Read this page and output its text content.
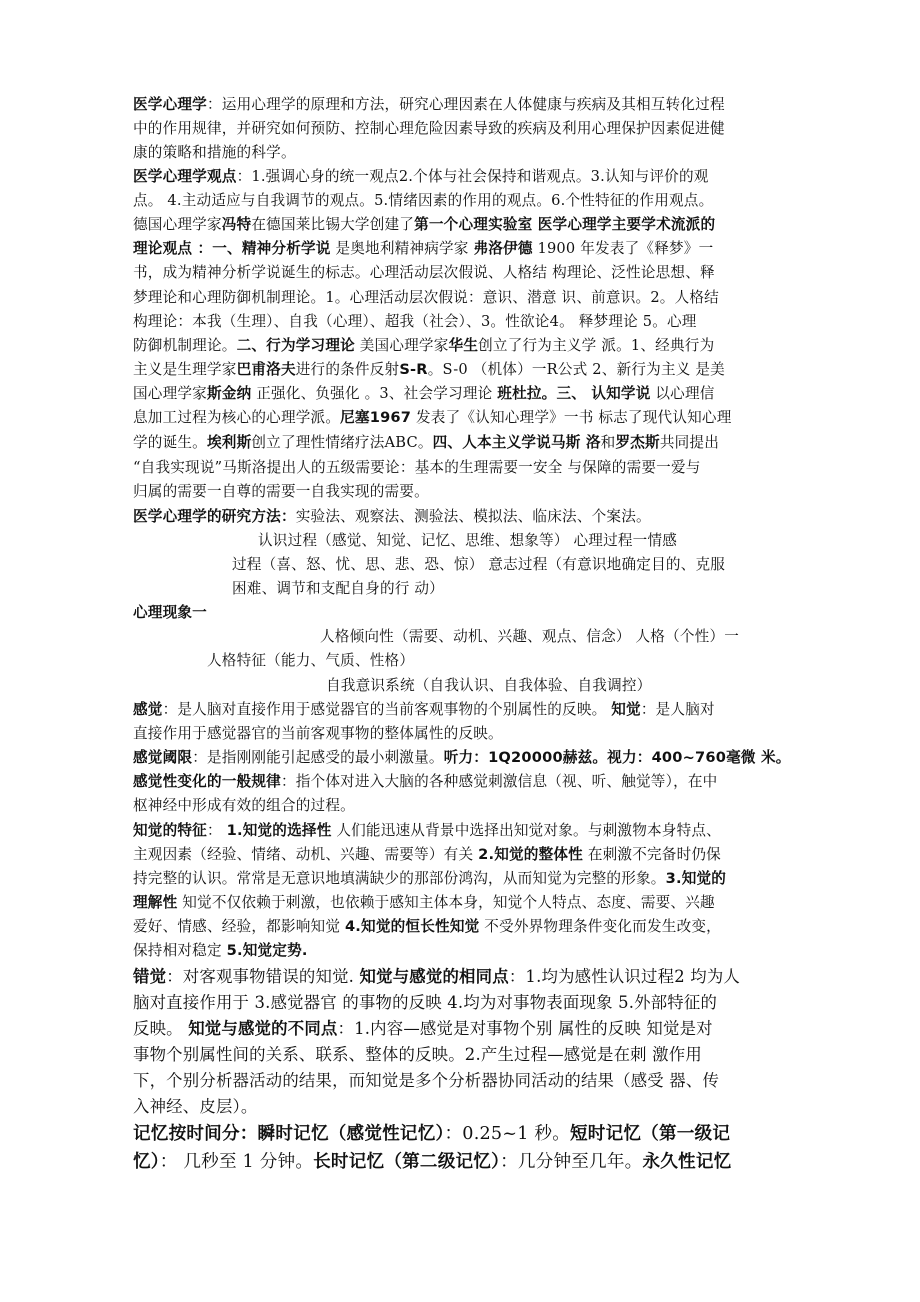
医学心理学：运用心理学的原理和方法，研究心理因素在人体健康与疾病及其相互转化过程
中的作用规律，并研究如何预防、控制心理危险因素导致的疾病及利用心理保护因素促进健
康的策略和措施的科学。
医学心理学观点：1.强调心身的统一观点2.个体与社会保持和谐观点。3.认知与评价的观
点。 4.主动适应与自我调节的观点。5.情绪因素的作用的观点。6.个性特征的作用观点。
德国心理学家冯特在德国莱比锡大学创建了第一个心理实验室 医学心理学主要学术流派的
理论观点 ：一、精神分析学说 是奥地利精神病学家 弗洛伊德 1900 年发表了《释梦》一
书，成为精神分析学说诞生的标志。心理活动层次假说、人格结 构理论、泛性论思想、释
梦理论和心理防御机制理论。1。心理活动层次假说：意识、潜意 识、前意识。2。人格结
构理论：本我（生理）、自我（心理）、超我（社会）、3。性欲论4。 释梦理论 5。心理
防御机制理论。二、行为学习理论 美国心理学家华生创立了行为主义学 派。1、经典行为
主义是生理学家巴甫洛夫进行的条件反射S-R。S-0 （机体）一R公式 2、新行为主义 是美
国心理学家斯金纳 正强化、负强化 。3、社会学习理论 班杜拉。三、 认知学说 以心理信
息加工过程为核心的心理学派。尼塞1967 发表了《认知心理学》一书 标志了现代认知心理
学的诞生。埃利斯创立了理性情绪疗法ABC。四、人本主义学说马斯 洛和罗杰斯共同提出
“自我实现说”马斯洛提出人的五级需要论：基本的生理需要一安全 与保障的需要一爱与
归属的需要一自尊的需要一自我实现的需要。
医学心理学的研究方法：实验法、观察法、测验法、模拟法、临床法、个案法。
认识过程（感觉、知觉、记忆、思维、想象等） 心理过程一情感
过程（喜、怒、忧、思、悲、恐、惊） 意志过程（有意识地确定目的、克服
困难、调节和支配自身的行 动）
心理现象一
人格倾向性（需要、动机、兴趣、观点、信念） 人格（个性）一
人格特征（能力、气质、性格）
自我意识系统（自我认识、自我体验、自我调控）
感觉：是人脑对直接作用于感觉器官的当前客观事物的个别属性的反映。 知觉：是人脑对
直接作用于感觉器官的当前客观事物的整体属性的反映。
感觉阈限：是指刚刚能引起感受的最小刺激量。听力：1Q20000赫兹。视力：400~760毫微 米。
感觉性变化的一般规律：指个体对进入大脑的各种感觉刺激信息（视、听、触觉等），在中
枢神经中形成有效的组合的过程。
知觉的特征： 1.知觉的选择性 人们能迅速从背景中选择出知觉对象。与刺激物本身特点、
主观因素（经验、情绪、动机、兴趣、需要等）有关 2.知觉的整体性 在刺激不完备时仍保
持完整的认识。常常是无意识地填满缺少的那部份鸿沟，从而知觉为完整的形象。3.知觉的
理解性 知觉不仅依赖于刺激，也依赖于感知主体本身，知觉个人特点、态度、需要、兴趣
爱好、情感、经验，都影响知觉 4.知觉的恒长性知觉 不受外界物理条件变化而发生改变，
保持相对稳定 5.知觉定势.
错觉：对客观事物错误的知觉. 知觉与感觉的相同点：1.均为感性认识过程2 均为人
脑对直接作用于 3.感觉器官 的事物的反映 4.均为对事物表面现象 5.外部特征的
反映。 知觉与感觉的不同点：1.内容—感觉是对事物个别 属性的反映 知觉是对
事物个别属性间的关系、联系、整体的反映。2.产生过程—感觉是在刺 激作用
下，个别分析器活动的结果，而知觉是多个分析器协同活动的结果（感受 器、传
入神经、皮层）。
记忆按时间分：瞬时记忆（感觉性记忆）：0.25~1 秒。短时记忆（第一级记
忆）： 几秒至 1 分钟。长时记忆（第二级记忆）：几分钟至几年。永久性记忆
